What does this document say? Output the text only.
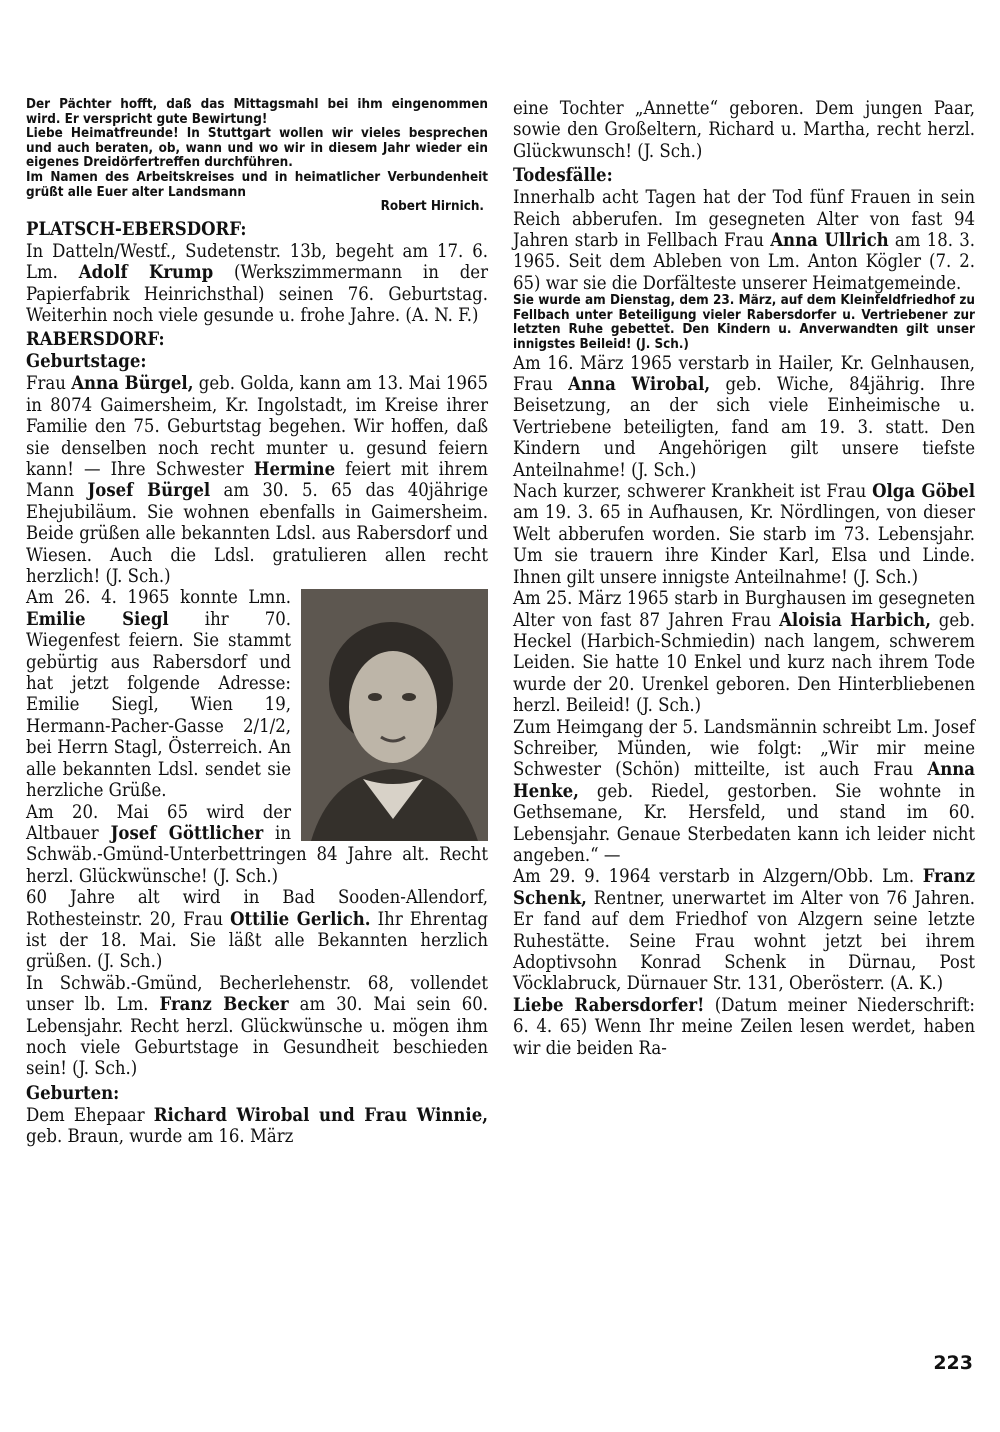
Der Pächter hofft, daß das Mittagsmahl bei ihm eingenommen wird. Er verspricht gute Bewirtung!

Liebe Heimatfreunde! In Stuttgart wollen wir vieles besprechen und auch beraten, ob, wann und wo wir in diesem Jahr wieder ein eigenes Dreidörfertreffen durchführen.

Im Namen des Arbeitskreises und in heimatlicher Verbundenheit grüßt alle Euer alter Landsmann

Robert Hirnich.

PLATSCH-EBERSDORF:

In Datteln/Westf., Sudetenstr. 13b, begeht am 17. 6. Lm. Adolf Krump (Werkszimmermann in der Papierfabrik Heinrichsthal) seinen 76. Geburtstag. Weiterhin noch viele gesunde u. frohe Jahre. (A. N. F.)

RABERSDORF:
Geburtstage:

Frau Anna Bürgel, geb. Golda, kann am 13. Mai 1965 in 8074 Gaimersheim, Kr. Ingolstadt, im Kreise ihrer Familie den 75. Geburtstag begehen. Wir hoffen, daß sie denselben noch recht munter u. gesund feiern kann! — Ihre Schwester Hermine feiert mit ihrem Mann Josef Bürgel am 30. 5. 65 das 40jährige Ehejubiläum. Sie wohnen ebenfalls in Gaimersheim. Beide grüßen alle bekannten Ldsl. aus Rabersdorf und Wiesen. Auch die Ldsl. gratulieren allen recht herzlich! (J. Sch.)

Am 26. 4. 1965 konnte Lmn. Emilie Siegl ihr 70. Wiegenfest feiern. Sie stammt gebürtig aus Rabersdorf und hat jetzt folgende Adresse: Emilie Siegl, Wien 19, Hermann-Pacher-Gasse 2/1/2, bei Herrn Stagl, Österreich. An alle bekannten Ldsl. sendet sie herzliche Grüße.

Am 20. Mai 65 wird der Altbauer Josef Göttlicher in Schwäb.-Gmünd-Unterbettringen 84 Jahre alt. Recht herzl. Glückwünsche! (J. Sch.)

60 Jahre alt wird in Bad Sooden-Allendorf, Rothesteinstr. 20, Frau Ottilie Gerlich. Ihr Ehrentag ist der 18. Mai. Sie läßt alle Bekannten herzlich grüßen. (J. Sch.)

In Schwäb.-Gmünd, Becherlehenstr. 68, vollendet unser lb. Lm. Franz Becker am 30. Mai sein 60. Lebensjahr. Recht herzl. Glückwünsche u. mögen ihm noch viele Geburtstage in Gesundheit beschieden sein! (J. Sch.)

Geburten:

Dem Ehepaar Richard Wirobal und Frau Winnie, geb. Braun, wurde am 16. März

eine Tochter „Annette“ geboren. Dem jungen Paar, sowie den Großeltern, Richard u. Martha, recht herzl. Glückwunsch! (J. Sch.)

Todesfälle:

Innerhalb acht Tagen hat der Tod fünf Frauen in sein Reich abberufen. Im gesegneten Alter von fast 94 Jahren starb in Fellbach Frau Anna Ullrich am 18. 3. 1965. Seit dem Ableben von Lm. Anton Kögler (7. 2. 65) war sie die Dorfälteste unserer Heimatgemeinde.

Sie wurde am Dienstag, dem 23. März, auf dem Kleinfeldfriedhof zu Fellbach unter Beteiligung vieler Rabersdorfer u. Vertriebener zur letzten Ruhe gebettet. Den Kindern u. Anverwandten gilt unser innigstes Beileid! (J. Sch.)

Am 16. März 1965 verstarb in Hailer, Kr. Gelnhausen, Frau Anna Wirobal, geb. Wiche, 84jährig. Ihre Beisetzung, an der sich viele Einheimische u. Vertriebene beteiligten, fand am 19. 3. statt. Den Kindern und Angehörigen gilt unsere tiefste Anteilnahme! (J. Sch.)

Nach kurzer, schwerer Krankheit ist Frau Olga Göbel am 19. 3. 65 in Aufhausen, Kr. Nördlingen, von dieser Welt abberufen worden. Sie starb im 73. Lebensjahr. Um sie trauern ihre Kinder Karl, Elsa und Linde. Ihnen gilt unsere innigste Anteilnahme! (J. Sch.)

Am 25. März 1965 starb in Burghausen im gesegneten Alter von fast 87 Jahren Frau Aloisia Harbich, geb. Heckel (Harbich-Schmiedin) nach langem, schwerem Leiden. Sie hatte 10 Enkel und kurz nach ihrem Tode wurde der 20. Urenkel geboren. Den Hinterbliebenen herzl. Beileid! (J. Sch.)

Zum Heimgang der 5. Landsmännin schreibt Lm. Josef Schreiber, Münden, wie folgt: „Wir mir meine Schwester (Schön) mitteilte, ist auch Frau Anna Henke, geb. Riedel, gestorben. Sie wohnte in Gethsemane, Kr. Hersfeld, und stand im 60. Lebensjahr. Genaue Sterbedaten kann ich leider nicht angeben.“ —

Am 29. 9. 1964 verstarb in Alzgern/Obb. Lm. Franz Schenk, Rentner, unerwartet im Alter von 76 Jahren. Er fand auf dem Friedhof von Alzgern seine letzte Ruhestätte. Seine Frau wohnt jetzt bei ihrem Adoptivsohn Konrad Schenk in Dürnau, Post Vöcklabruck, Dürnauer Str. 131, Oberösterr. (A. K.)

Liebe Rabersdorfer! (Datum meiner Niederschrift: 6. 4. 65) Wenn Ihr meine Zeilen lesen werdet, haben wir die beiden Ra-

223
